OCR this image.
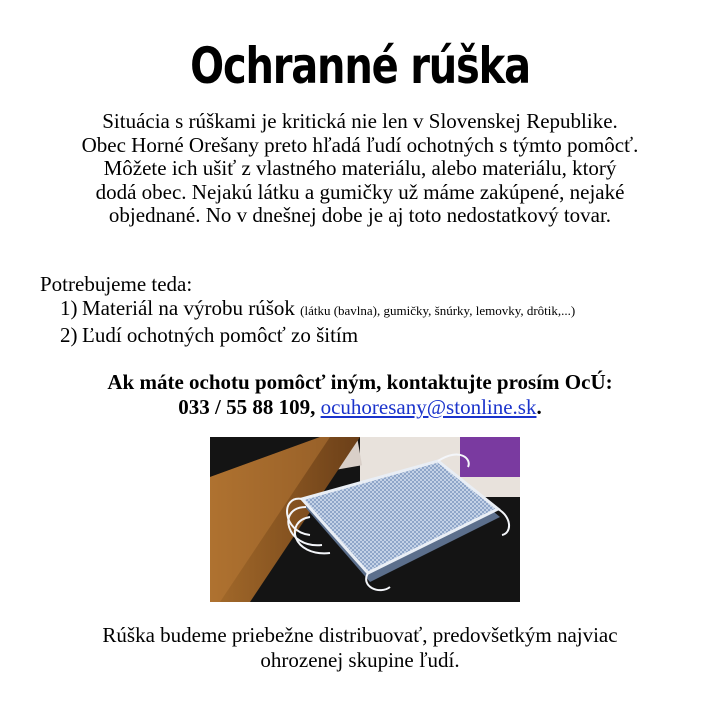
Ochranné rúška
Situácia s rúškami je kritická nie len v Slovenskej Republike.
Obec Horné Orešany preto hľadá ľudí ochotných s týmto pomôcť.
Môžete ich ušiť z vlastného materiálu, alebo materiálu, ktorý
dodá obec. Nejakú látku a gumičky už máme zakúpené, nejaké
objednané. No v dnešnej dobe je aj toto nedostatkový tovar.
Potrebujeme teda:
1) Materiál na výrobu rúšok (látku (bavlna), gumičky, šnúrky, lemovky, drôtik,...)
2) Ľudí ochotných pomôcť zo šitím
Ak máte ochotu pomôcť iným, kontaktujte prosím OcÚ:
033 / 55 88 109, ocuhoresany@stonline.sk.
Rúška budeme priebežne distribuovať, predovšetkým najviac
ohrozenej skupine ľudí.
